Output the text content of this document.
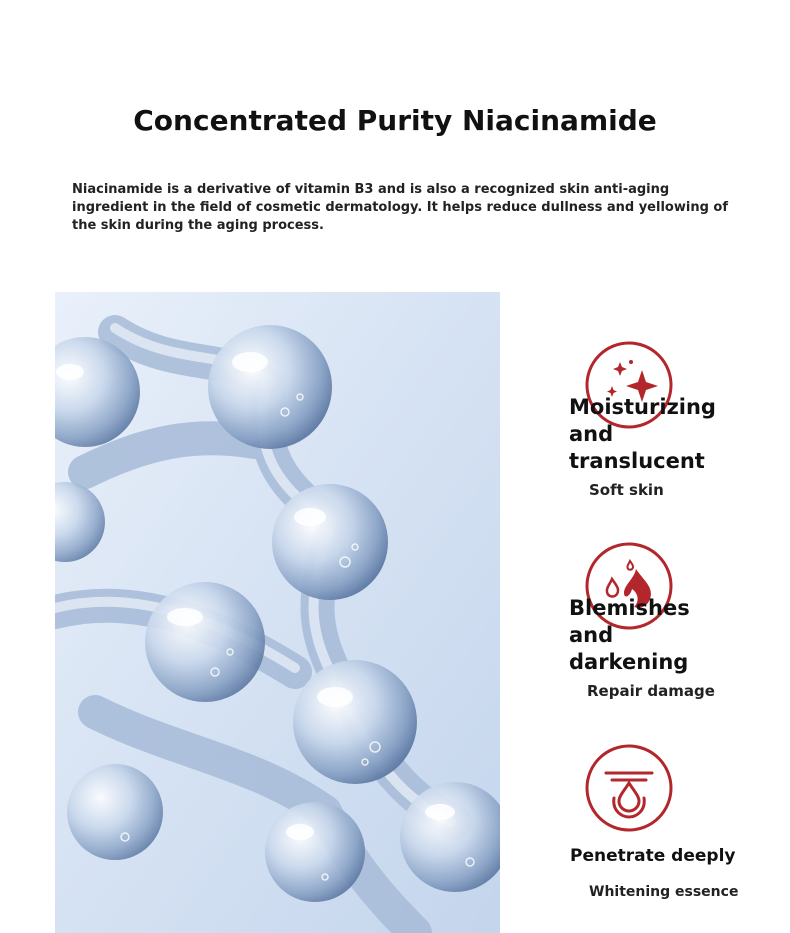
Concentrated Purity Niacinamide
Niacinamide is a derivative of vitamin B3 and is also a recognized skin anti-aging ingredient in the field of cosmetic dermatology. It helps reduce dullness and yellowing of the skin during the aging process.
Moisturizing
and
translucent
Soft skin
Blemishes
and
darkening
Repair damage
Penetrate deeply
Whitening essence
